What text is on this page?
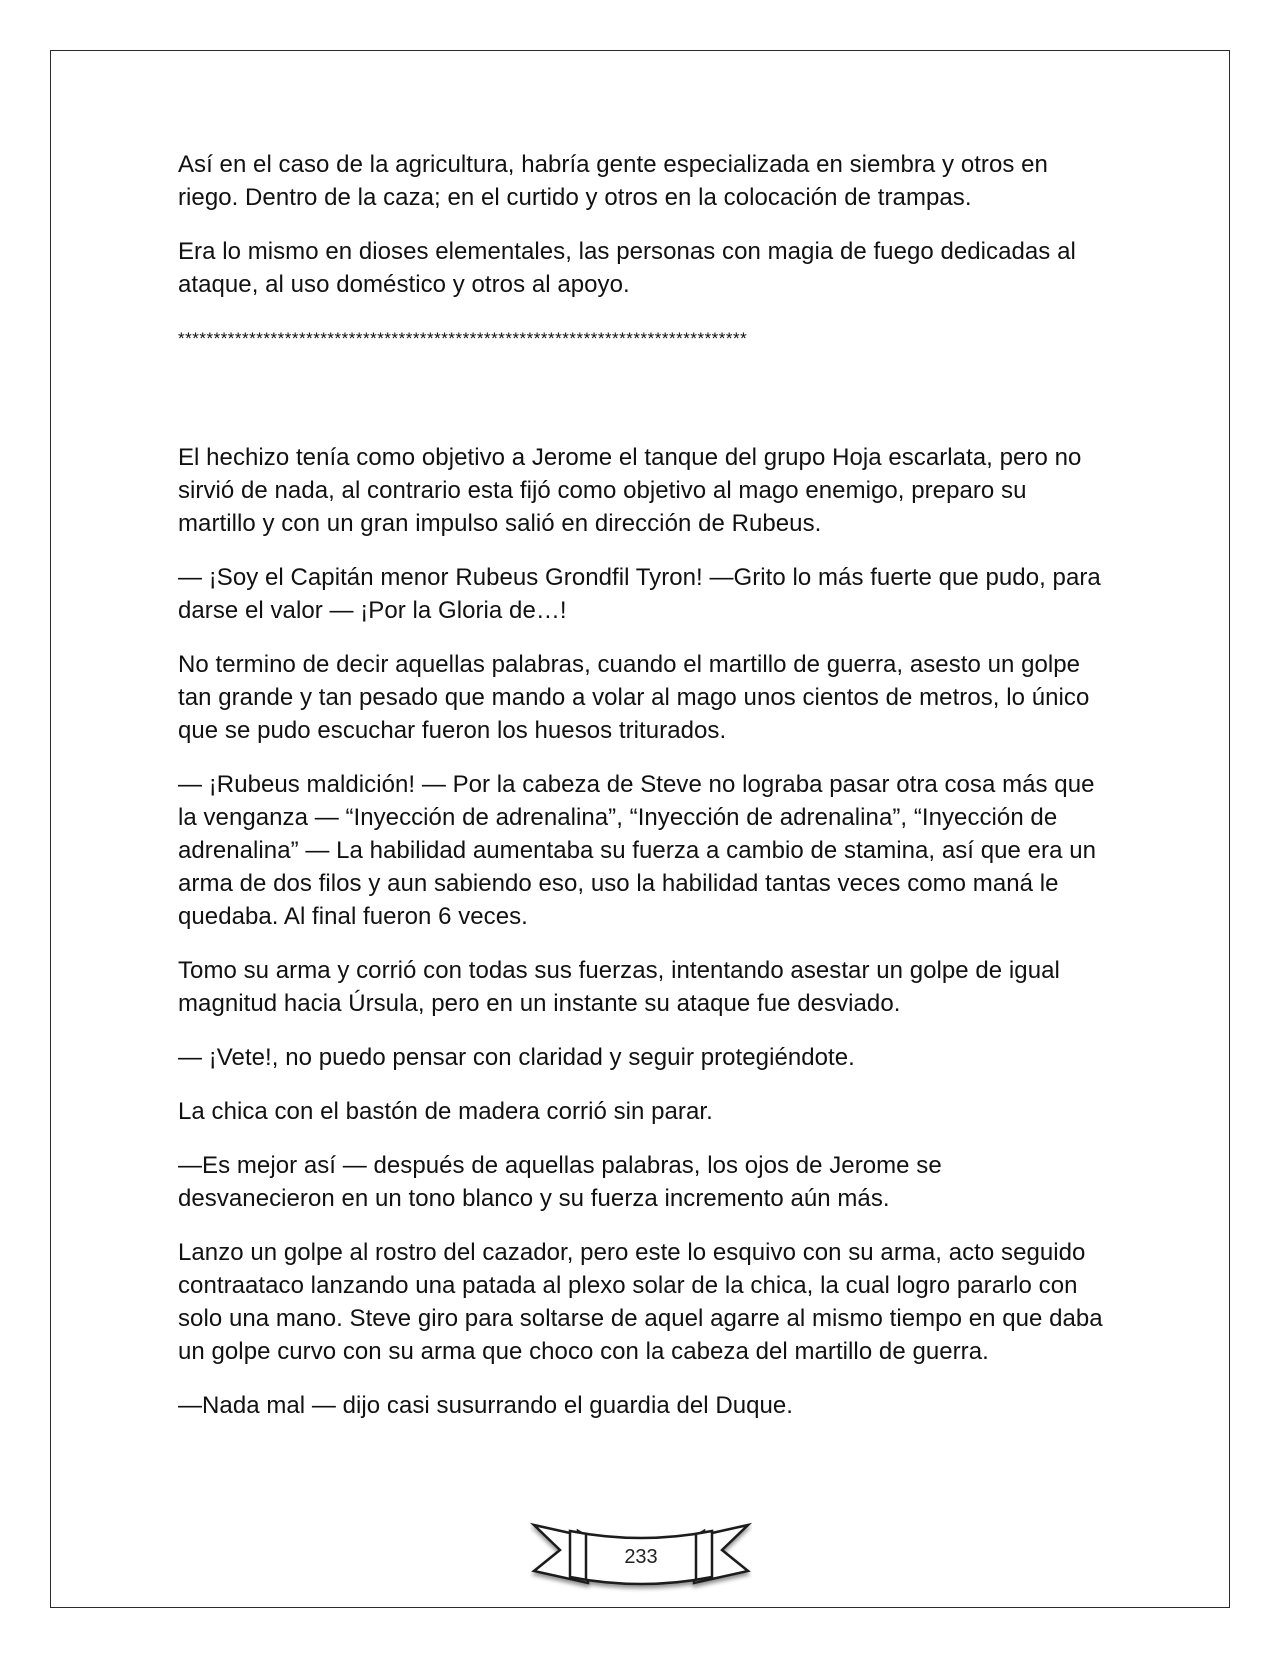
Así en el caso de la agricultura, habría gente especializada en siembra y otros en riego. Dentro de la caza; en el curtido y otros en la colocación de trampas.

Era lo mismo en dioses elementales, las personas con magia de fuego dedicadas al ataque, al uso doméstico y otros al apoyo.

********************************************************************************

El hechizo tenía como objetivo a Jerome el tanque del grupo Hoja escarlata, pero no sirvió de nada, al contrario esta fijó como objetivo al mago enemigo, preparo su martillo y con un gran impulso salió en dirección de Rubeus.

— ¡Soy el Capitán menor Rubeus Grondfil Tyron! —Grito lo más fuerte que pudo, para darse el valor — ¡Por la Gloria de…!

No termino de decir aquellas palabras, cuando el martillo de guerra, asesto un golpe tan grande y tan pesado que mando a volar al mago unos cientos de metros, lo único que se pudo escuchar fueron los huesos triturados.

— ¡Rubeus maldición! — Por la cabeza de Steve no lograba pasar otra cosa más que la venganza — “Inyección de adrenalina”, “Inyección de adrenalina”, “Inyección de adrenalina” — La habilidad aumentaba su fuerza a cambio de stamina, así que era un arma de dos filos y aun sabiendo eso, uso la habilidad tantas veces como maná le quedaba. Al final fueron 6 veces.

Tomo su arma y corrió con todas sus fuerzas, intentando asestar un golpe de igual magnitud hacia Úrsula, pero en un instante su ataque fue desviado.

— ¡Vete!, no puedo pensar con claridad y seguir protegiéndote.

La chica con el bastón de madera corrió sin parar.

—Es mejor así — después de aquellas palabras, los ojos de Jerome se desvanecieron en un tono blanco y su fuerza incremento aún más.

Lanzo un golpe al rostro del cazador, pero este lo esquivo con su arma, acto seguido contraataco lanzando una patada al plexo solar de la chica, la cual logro pararlo con solo una mano. Steve giro para soltarse de aquel agarre al mismo tiempo en que daba un golpe curvo con su arma que choco con la cabeza del martillo de guerra.

—Nada mal — dijo casi susurrando el guardia del Duque.

233
